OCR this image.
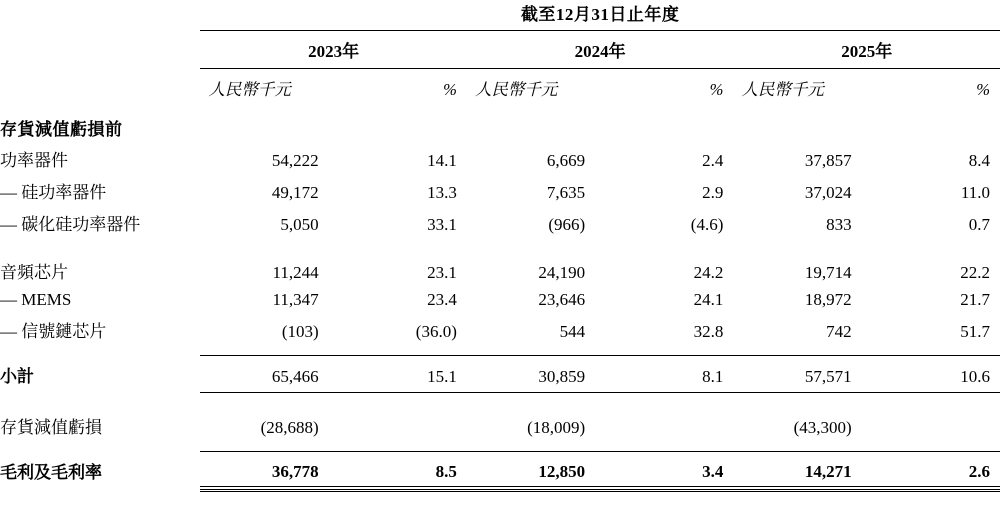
	截至12月31日止年度					

	2023年		2024年		2025年	

	人民幣千元	%	人民幣千元	%	人民幣千元	%
存貨減值虧損前						
功率器件	54,222	14.1	6,669	2.4	37,857	8.4
— 硅功率器件	49,172	13.3	7,635	2.9	37,024	11.0
— 碳化硅功率器件	5,050	33.1	(966)	(4.6)	833	0.7

音頻芯片	11,244	23.1	24,190	24.2	19,714	22.2
— MEMS	11,347	23.4	23,646	24.1	18,972	21.7
— 信號鏈芯片	(103)	(36.0)	544	32.8	742	51.7

小計	65,466	15.1	30,859	8.1	57,571	10.6

存貨減值虧損	(28,688)		(18,009)		(43,300)	

毛利及毛利率	36,778	8.5	12,850	3.4	14,271	2.6
